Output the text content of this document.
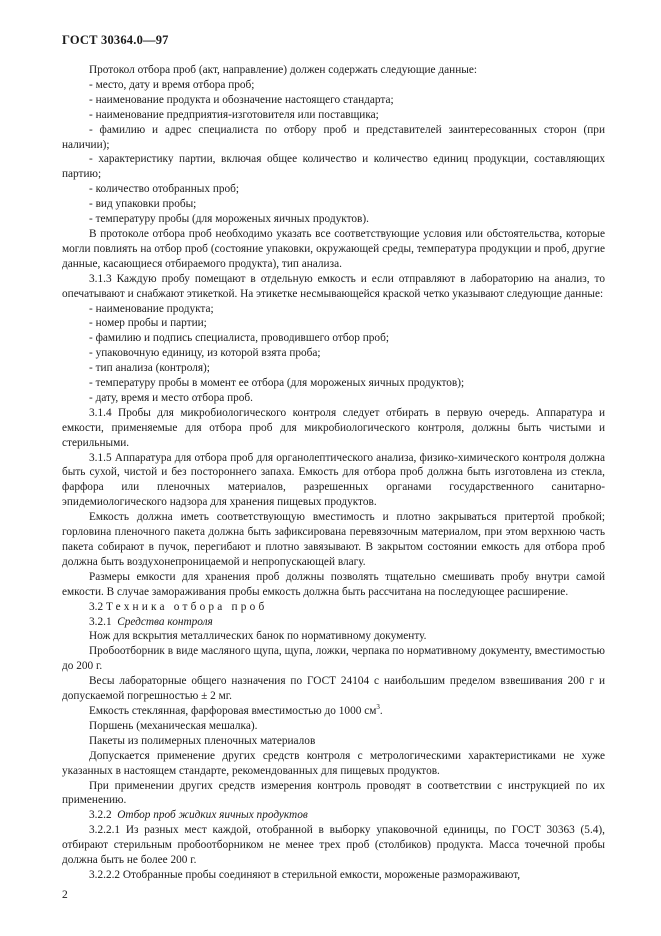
ГОСТ 30364.0—97

Протокол отбора проб (акт, направление) должен содержать следующие данные:

- место, дату и время отбора проб;

- наименование продукта и обозначение настоящего стандарта;

- наименование предприятия-изготовителя или поставщика;

- фамилию и адрес специалиста по отбору проб и представителей заинтересованных сторон (при наличии);

- характеристику партии, включая общее количество и количество единиц продукции, составляющих партию;

- количество отобранных проб;

- вид упаковки пробы;

- температуру пробы (для мороженых яичных продуктов).

В протоколе отбора проб необходимо указать все соответствующие условия или обстоятельства, которые могли повлиять на отбор проб (состояние упаковки, окружающей среды, температура продукции и проб, другие данные, касающиеся отбираемого продукта), тип анализа.

3.1.3 Каждую пробу помещают в отдельную емкость и если отправляют в лабораторию на анализ, то опечатывают и снабжают этикеткой. На этикетке несмывающейся краской четко указывают следующие данные:

- наименование продукта;

- номер пробы и партии;

- фамилию и подпись специалиста, проводившего отбор проб;

- упаковочную единицу, из которой взята проба;

- тип анализа (контроля);

- температуру пробы в момент ее отбора (для мороженых яичных продуктов);

- дату, время и место отбора проб.

3.1.4 Пробы для микробиологического контроля следует отбирать в первую очередь. Аппаратура и емкости, применяемые для отбора проб для микробиологического контроля, должны быть чистыми и стерильными.

3.1.5 Аппаратура для отбора проб для органолептического анализа, физико-химического контроля должна быть сухой, чистой и без постороннего запаха. Емкость для отбора проб должна быть изготовлена из стекла, фарфора или пленочных материалов, разрешенных органами государственного санитарно-эпидемиологического надзора для хранения пищевых продуктов.

Емкость должна иметь соответствующую вместимость и плотно закрываться притертой пробкой; горловина пленочного пакета должна быть зафиксирована перевязочным материалом, при этом верхнюю часть пакета собирают в пучок, перегибают и плотно завязывают. В закрытом состоянии емкость для отбора проб должна быть воздухонепроницаемой и непропускающей влагу.

Размеры емкости для хранения проб должны позволять тщательно смешивать пробу внутри самой емкости. В случае замораживания пробы емкость должна быть рассчитана на последующее расширение.

3.2 Техника отбора проб

3.2.1 Средства контроля

Нож для вскрытия металлических банок по нормативному документу.

Пробоотборник в виде масляного щупа, щупа, ложки, черпака по нормативному документу, вместимостью до 200 г.

Весы лабораторные общего назначения по ГОСТ 24104 с наибольшим пределом взвешивания 200 г и допускаемой погрешностью ± 2 мг.

Емкость стеклянная, фарфоровая вместимостью до 1000 $см^3$.

Поршень (механическая мешалка).

Пакеты из полимерных пленочных материалов

Допускается применение других средств контроля с метрологическими характеристиками не хуже указанных в настоящем стандарте, рекомендованных для пищевых продуктов.

При применении других средств измерения контроль проводят в соответствии с инструкцией по их применению.

3.2.2 Отбор проб жидких яичных продуктов

3.2.2.1 Из разных мест каждой, отобранной в выборку упаковочной единицы, по ГОСТ 30363 (5.4), отбирают стерильным пробоотборником не менее трех проб (столбиков) продукта. Масса точечной пробы должна быть не более 200 г.

3.2.2.2 Отобранные пробы соединяют в стерильной емкости, мороженые размораживают,

2
